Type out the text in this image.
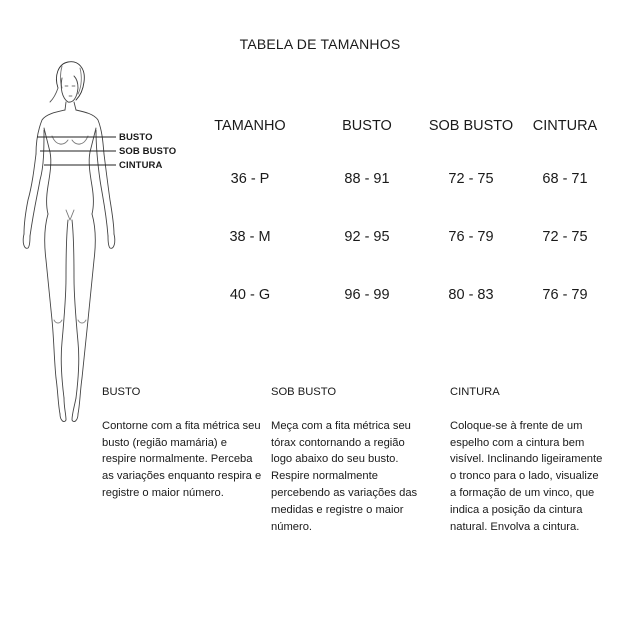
TABELA DE TAMANHOS
BUSTO
SOB BUSTO
CINTURA
TAMANHO	BUSTO	SOB BUSTO	CINTURA
36 - P	88 - 91	72 - 75	68 - 71
38 - M	92 - 95	76 - 79	72 - 75
40 - G	96 - 99	80 - 83	76 - 79
BUSTO

Contorne com a fita métrica seu busto (região mamária) e respire normalmente. Perceba as variações enquanto respira e registre o maior número.

SOB BUSTO

Meça com a fita métrica seu tórax contornando a região logo abaixo do seu busto. Respire normalmente percebendo as variações das medidas e registre o maior número.

CINTURA

Coloque-se à frente de um espelho com a cintura bem visível. Inclinando ligeiramente o tronco para o lado, visualize a formação de um vinco, que indica a posição da cintura natural. Envolva a cintura.
